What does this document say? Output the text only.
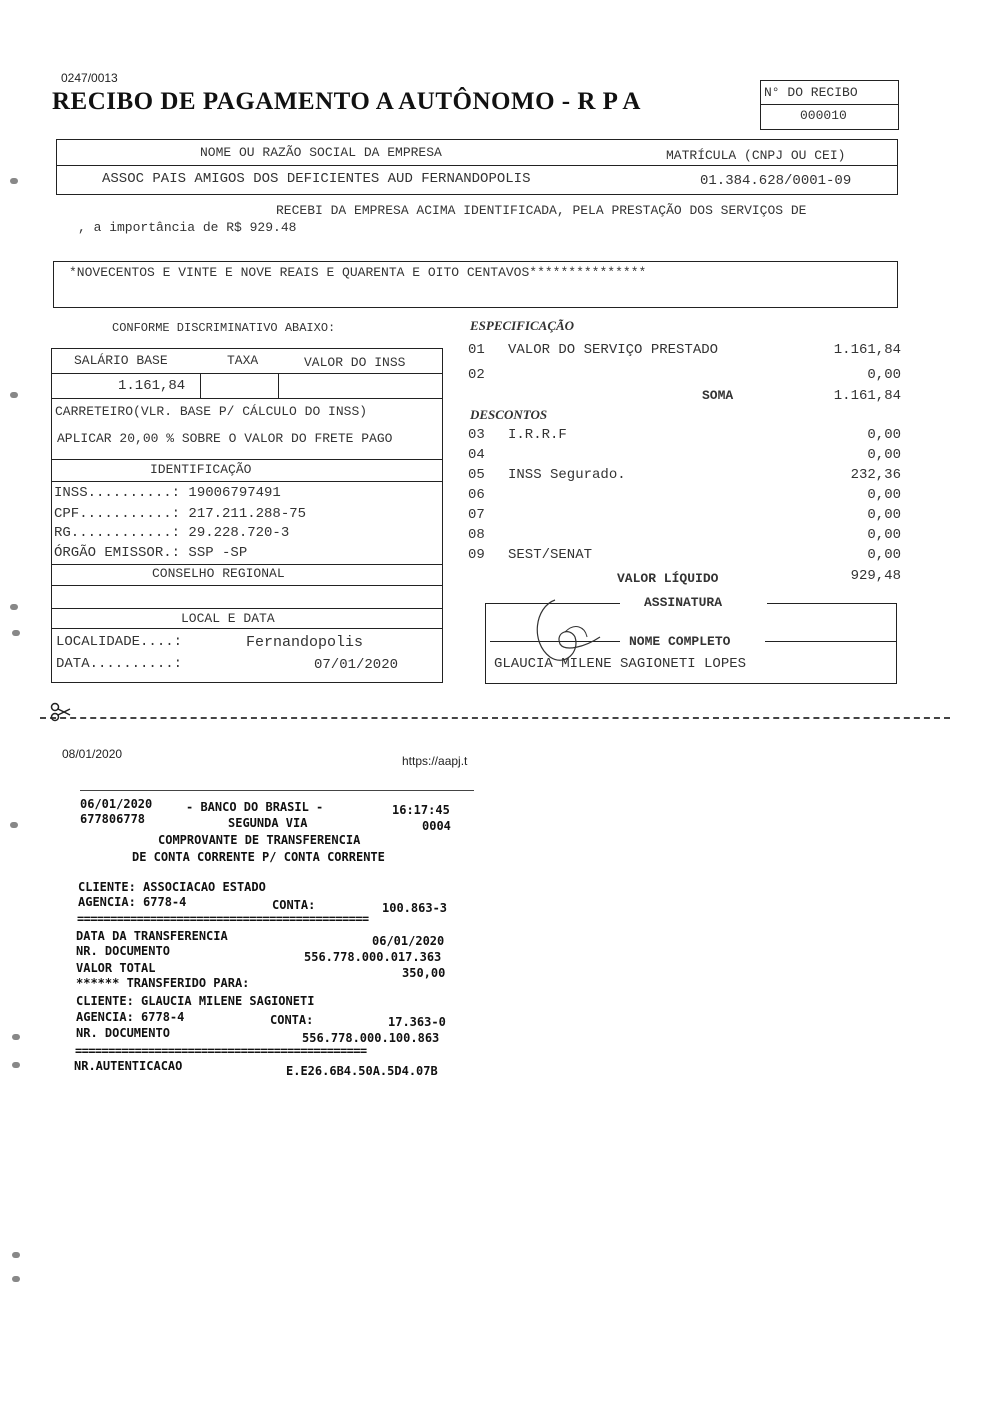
0247/0013
RECIBO DE PAGAMENTO A AUTÔNOMO - R P A	N° DO RECIBO
000010
NOME OU RAZÃO SOCIAL DA EMPRESA	MATRÍCULA (CNPJ OU CEI)
ASSOC PAIS AMIGOS DOS DEFICIENTES AUD FERNANDOPOLIS	01.384.628/0001-09
RECEBI DA EMPRESA ACIMA IDENTIFICADA, PELA PRESTAÇÃO DOS SERVIÇOS DE
, a importância de R$ 929.48
*NOVECENTOS E VINTE E NOVE REAIS E QUARENTA E OITO CENTAVOS***************
CONFORME DISCRIMINATIVO ABAIXO:
SALÁRIO BASE	TAXA	VALOR DO INSS
1.161,84
CARRETEIRO(VLR. BASE P/ CÁLCULO DO INSS)
APLICAR 20,00 % SOBRE O VALOR DO FRETE PAGO
IDENTIFICAÇÃO
INSS..........: 19006797491
CPF...........: 217.211.288-75
RG............: 29.228.720-3
ÓRGÃO EMISSOR.: SSP -SP
CONSELHO REGIONAL
LOCAL E DATA
LOCALIDADE....:	Fernandopolis
DATA..........:	07/01/2020
ESPECIFICAÇÃO
01 VALOR DO SERVIÇO PRESTADO	1.161,84
02	0,00
SOMA	1.161,84
DESCONTOS
03 I.R.R.F	0,00
04	0,00
05 INSS Segurado.	232,36
06	0,00
07	0,00
08	0,00
09 SEST/SENAT	0,00
VALOR LÍQUIDO	929,48
ASSINATURA
NOME COMPLETO
GLAUCIA MILENE SAGIONETI LOPES
08/01/2020	https://aapj.t
06/01/2020	- BANCO DO BRASIL -	16:17:45
677806778	SEGUNDA VIA	0004
COMPROVANTE DE TRANSFERENCIA
DE CONTA CORRENTE P/ CONTA CORRENTE
CLIENTE: ASSOCIACAO ESTADO
AGENCIA: 6778-4	CONTA:	100.863-3
============================================
DATA DA TRANSFERENCIA	06/01/2020
NR. DOCUMENTO	556.778.000.017.363
VALOR TOTAL	350,00
****** TRANSFERIDO PARA:
CLIENTE: GLAUCIA MILENE SAGIONETI
AGENCIA: 6778-4	CONTA:	17.363-0
NR. DOCUMENTO	556.778.000.100.863
============================================
NR.AUTENTICACAO	E.E26.6B4.50A.5D4.07B
